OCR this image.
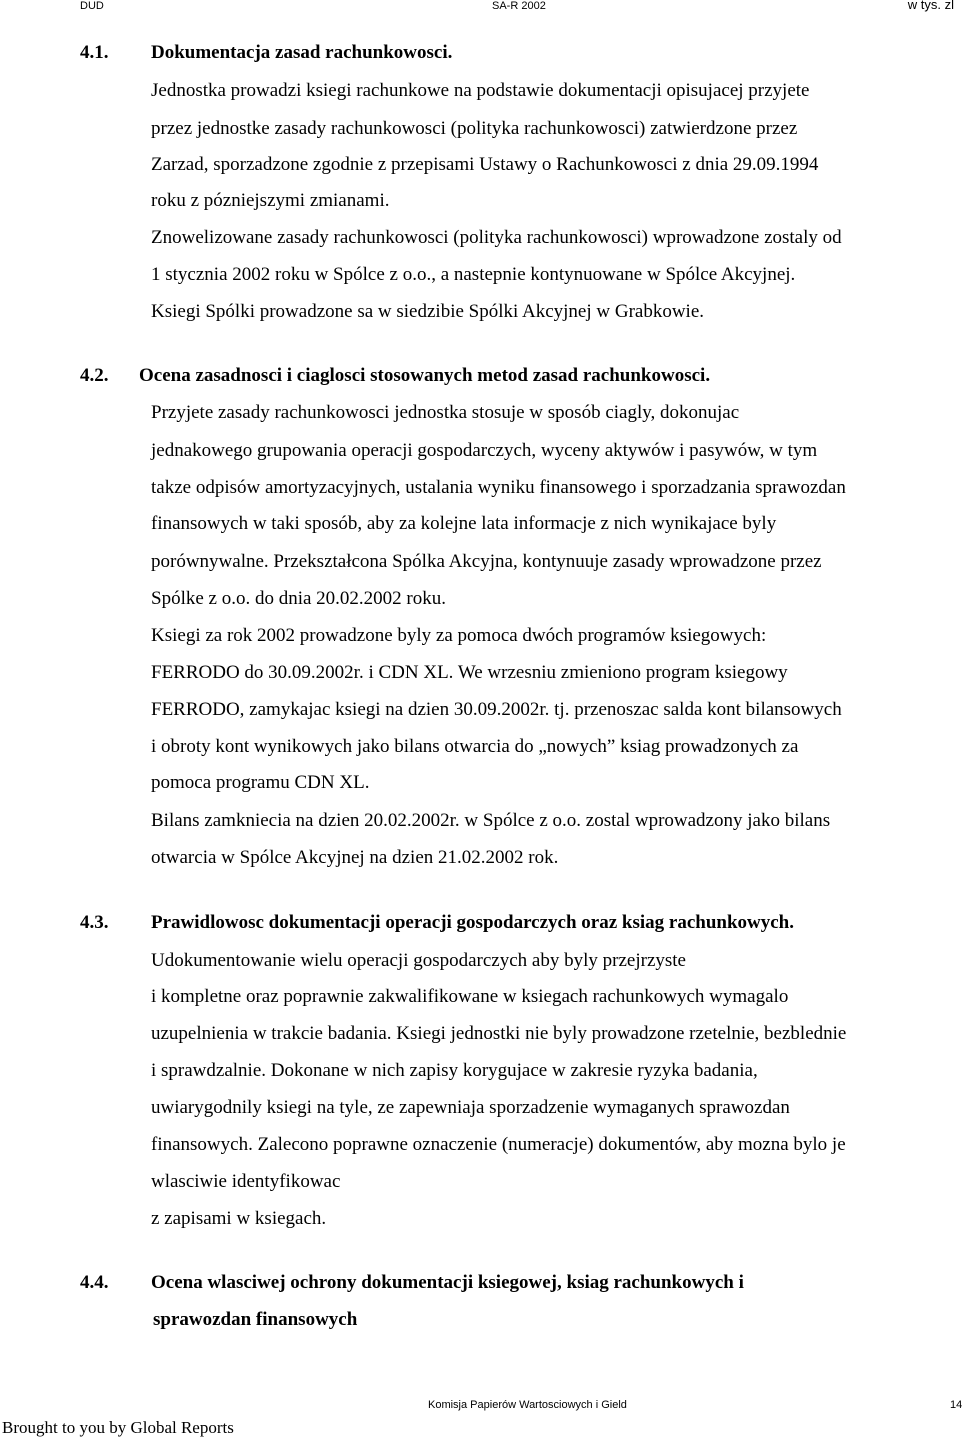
DUD	SA-R 2002	w tys. zl
4.1. Dokumentacja zasad rachunkowosci.
Jednostka prowadzi ksiegi rachunkowe na podstawie dokumentacji opisujacej przyjete
przez jednostke zasady rachunkowosci (polityka rachunkowosci) zatwierdzone przez
Zarzad, sporzadzone zgodnie z przepisami Ustawy o Rachunkowosci z dnia 29.09.1994
roku z pózniejszymi zmianami.
Znowelizowane zasady rachunkowosci (polityka rachunkowosci) wprowadzone zostaly od
1 stycznia 2002 roku w Spólce z o.o., a nastepnie kontynuowane w Spólce Akcyjnej.
Ksiegi Spólki prowadzone sa w siedzibie Spólki Akcyjnej w Grabkowie.
4.2. Ocena zasadnosci i ciaglosci stosowanych metod zasad rachunkowosci.
Przyjete zasady rachunkowosci jednostka stosuje w sposób ciagly, dokonujac
jednakowego grupowania operacji gospodarczych, wyceny aktywów i pasywów, w tym
takze odpisów amortyzacyjnych, ustalania wyniku finansowego i sporzadzania sprawozdan
finansowych w taki sposób, aby za kolejne lata informacje z nich wynikajace byly
porównywalne. Przekształcona Spólka Akcyjna, kontynuuje zasady wprowadzone przez
Spólke z o.o. do dnia 20.02.2002 roku.
Ksiegi za rok 2002 prowadzone byly za pomoca dwóch programów ksiegowych:
FERRODO do 30.09.2002r. i CDN XL. We wrzesniu zmieniono program ksiegowy
FERRODO, zamykajac ksiegi na dzien 30.09.2002r. tj. przenoszac salda kont bilansowych
i obroty kont wynikowych jako bilans otwarcia do „nowych” ksiag prowadzonych za
pomoca programu CDN XL.
Bilans zamkniecia na dzien 20.02.2002r. w Spólce z o.o. zostal wprowadzony jako bilans
otwarcia w Spólce Akcyjnej na dzien 21.02.2002 rok.
4.3. Prawidlowosc dokumentacji operacji gospodarczych oraz ksiag rachunkowych.
Udokumentowanie wielu operacji gospodarczych aby byly przejrzyste
i kompletne oraz poprawnie zakwalifikowane w ksiegach rachunkowych wymagalo
uzupelnienia w trakcie badania. Ksiegi jednostki nie byly prowadzone rzetelnie, bezblednie
i sprawdzalnie. Dokonane w nich zapisy korygujace w zakresie ryzyka badania,
uwiarygodnily ksiegi na tyle, ze zapewniaja sporzadzenie wymaganych sprawozdan
finansowych. Zalecono poprawne oznaczenie (numeracje) dokumentów, aby mozna bylo je
wlasciwie identyfikowac
z zapisami w ksiegach.
4.4. Ocena wlasciwej ochrony dokumentacji ksiegowej, ksiag rachunkowych i
sprawozdan finansowych
Komisja Papierów Wartosciowych i Gield	14
Brought to you by Global Reports
